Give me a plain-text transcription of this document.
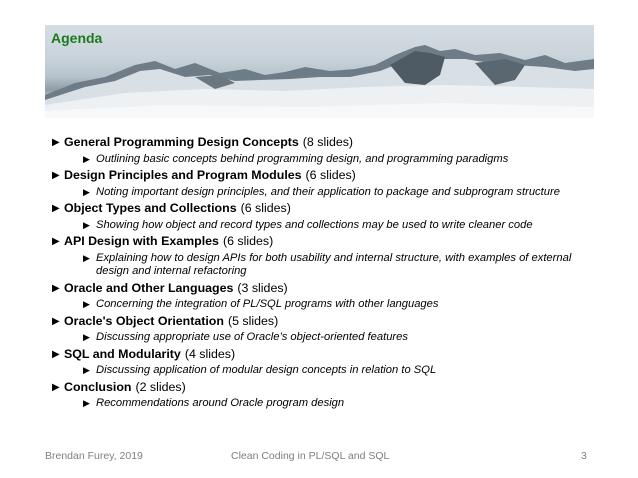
Agenda
▶ General Programming Design Concepts (8 slides)
▶ Outlining basic concepts behind programming design, and programming paradigms
▶ Design Principles and Program Modules (6 slides)
▶ Noting important design principles, and their application to package and subprogram structure
▶ Object Types and Collections (6 slides)
▶ Showing how object and record types and collections may be used to write cleaner code
▶ API Design with Examples (6 slides)
▶ Explaining how to design APIs for both usability and internal structure, with examples of external design and internal refactoring
▶ Oracle and Other Languages (3 slides)
▶ Concerning the integration of PL/SQL programs with other languages
▶ Oracle's Object Orientation (5 slides)
▶ Discussing appropriate use of Oracle’s object-oriented features
▶ SQL and Modularity (4 slides)
▶ Discussing application of modular design concepts in relation to SQL
▶ Conclusion (2 slides)
▶ Recommendations around Oracle program design
Brendan Furey, 2019	Clean Coding in PL/SQL and SQL	3
